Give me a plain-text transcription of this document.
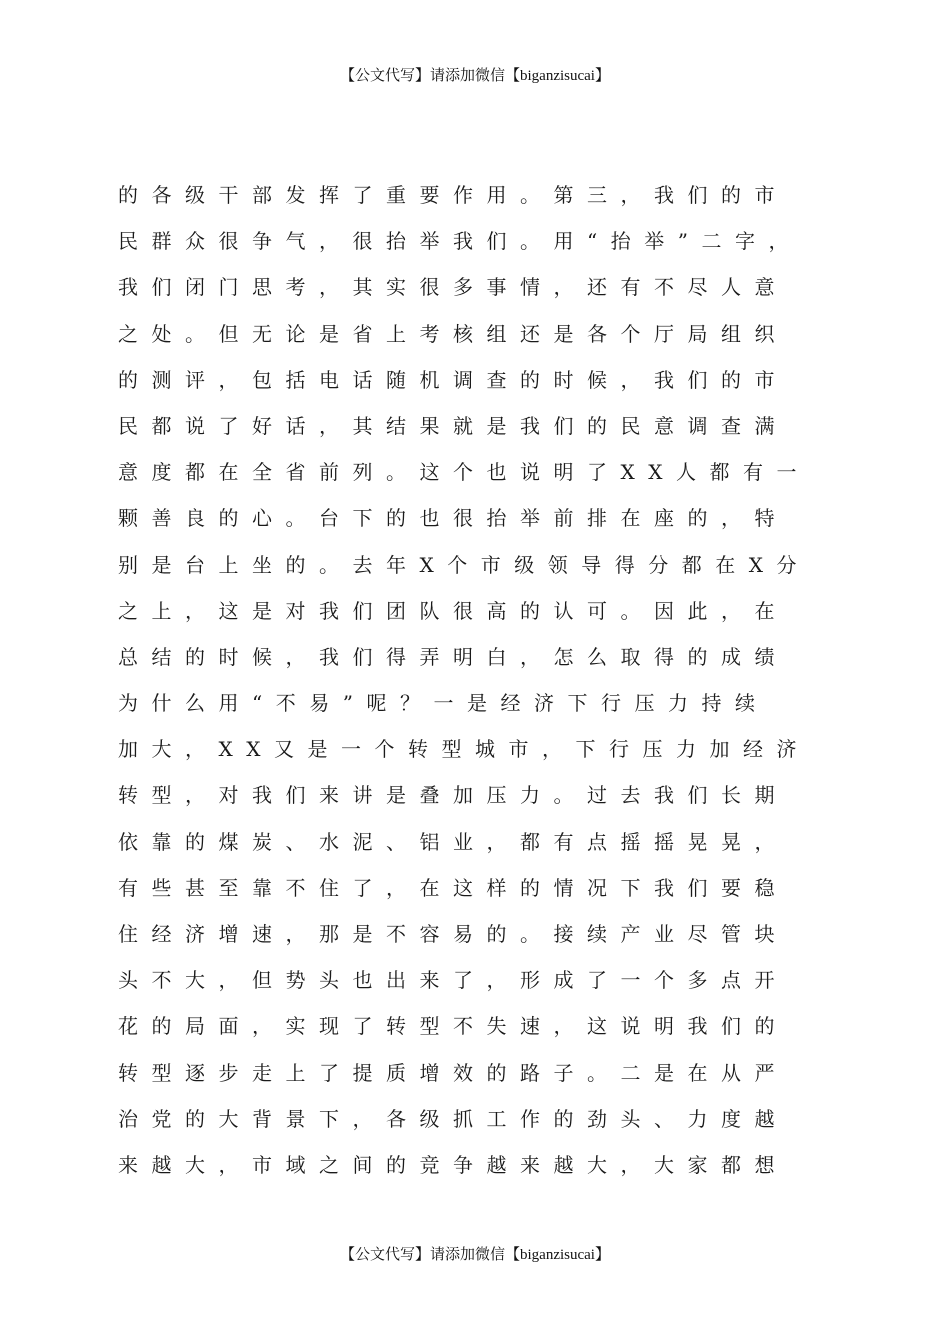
【公文代写】请添加微信【biganzisucai】
的各级干部发挥了重要作用。第三，我们的市
民群众很争气，很抬举我们。用“抬举”二字，
我们闭门思考，其实很多事情，还有不尽人意
之处。但无论是省上考核组还是各个厅局组织
的测评，包括电话随机调查的时候，我们的市
民都说了好话，其结果就是我们的民意调查满
意度都在全省前列。这个也说明了XX人都有一
颗善良的心。台下的也很抬举前排在座的，特
别是台上坐的。去年X个市级领导得分都在X分
之上，这是对我们团队很高的认可。因此，在
总结的时候，我们得弄明白，怎么取得的成绩
为什么用“不易”呢？一是经济下行压力持续
加大，XX又是一个转型城市，下行压力加经济
转型，对我们来讲是叠加压力。过去我们长期
依靠的煤炭、水泥、铝业，都有点摇摇晃晃，
有些甚至靠不住了，在这样的情况下我们要稳
住经济增速，那是不容易的。接续产业尽管块
头不大，但势头也出来了，形成了一个多点开
花的局面，实现了转型不失速，这说明我们的
转型逐步走上了提质增效的路子。二是在从严
治党的大背景下，各级抓工作的劲头、力度越
来越大，市域之间的竞争越来越大，大家都想
【公文代写】请添加微信【biganzisucai】
